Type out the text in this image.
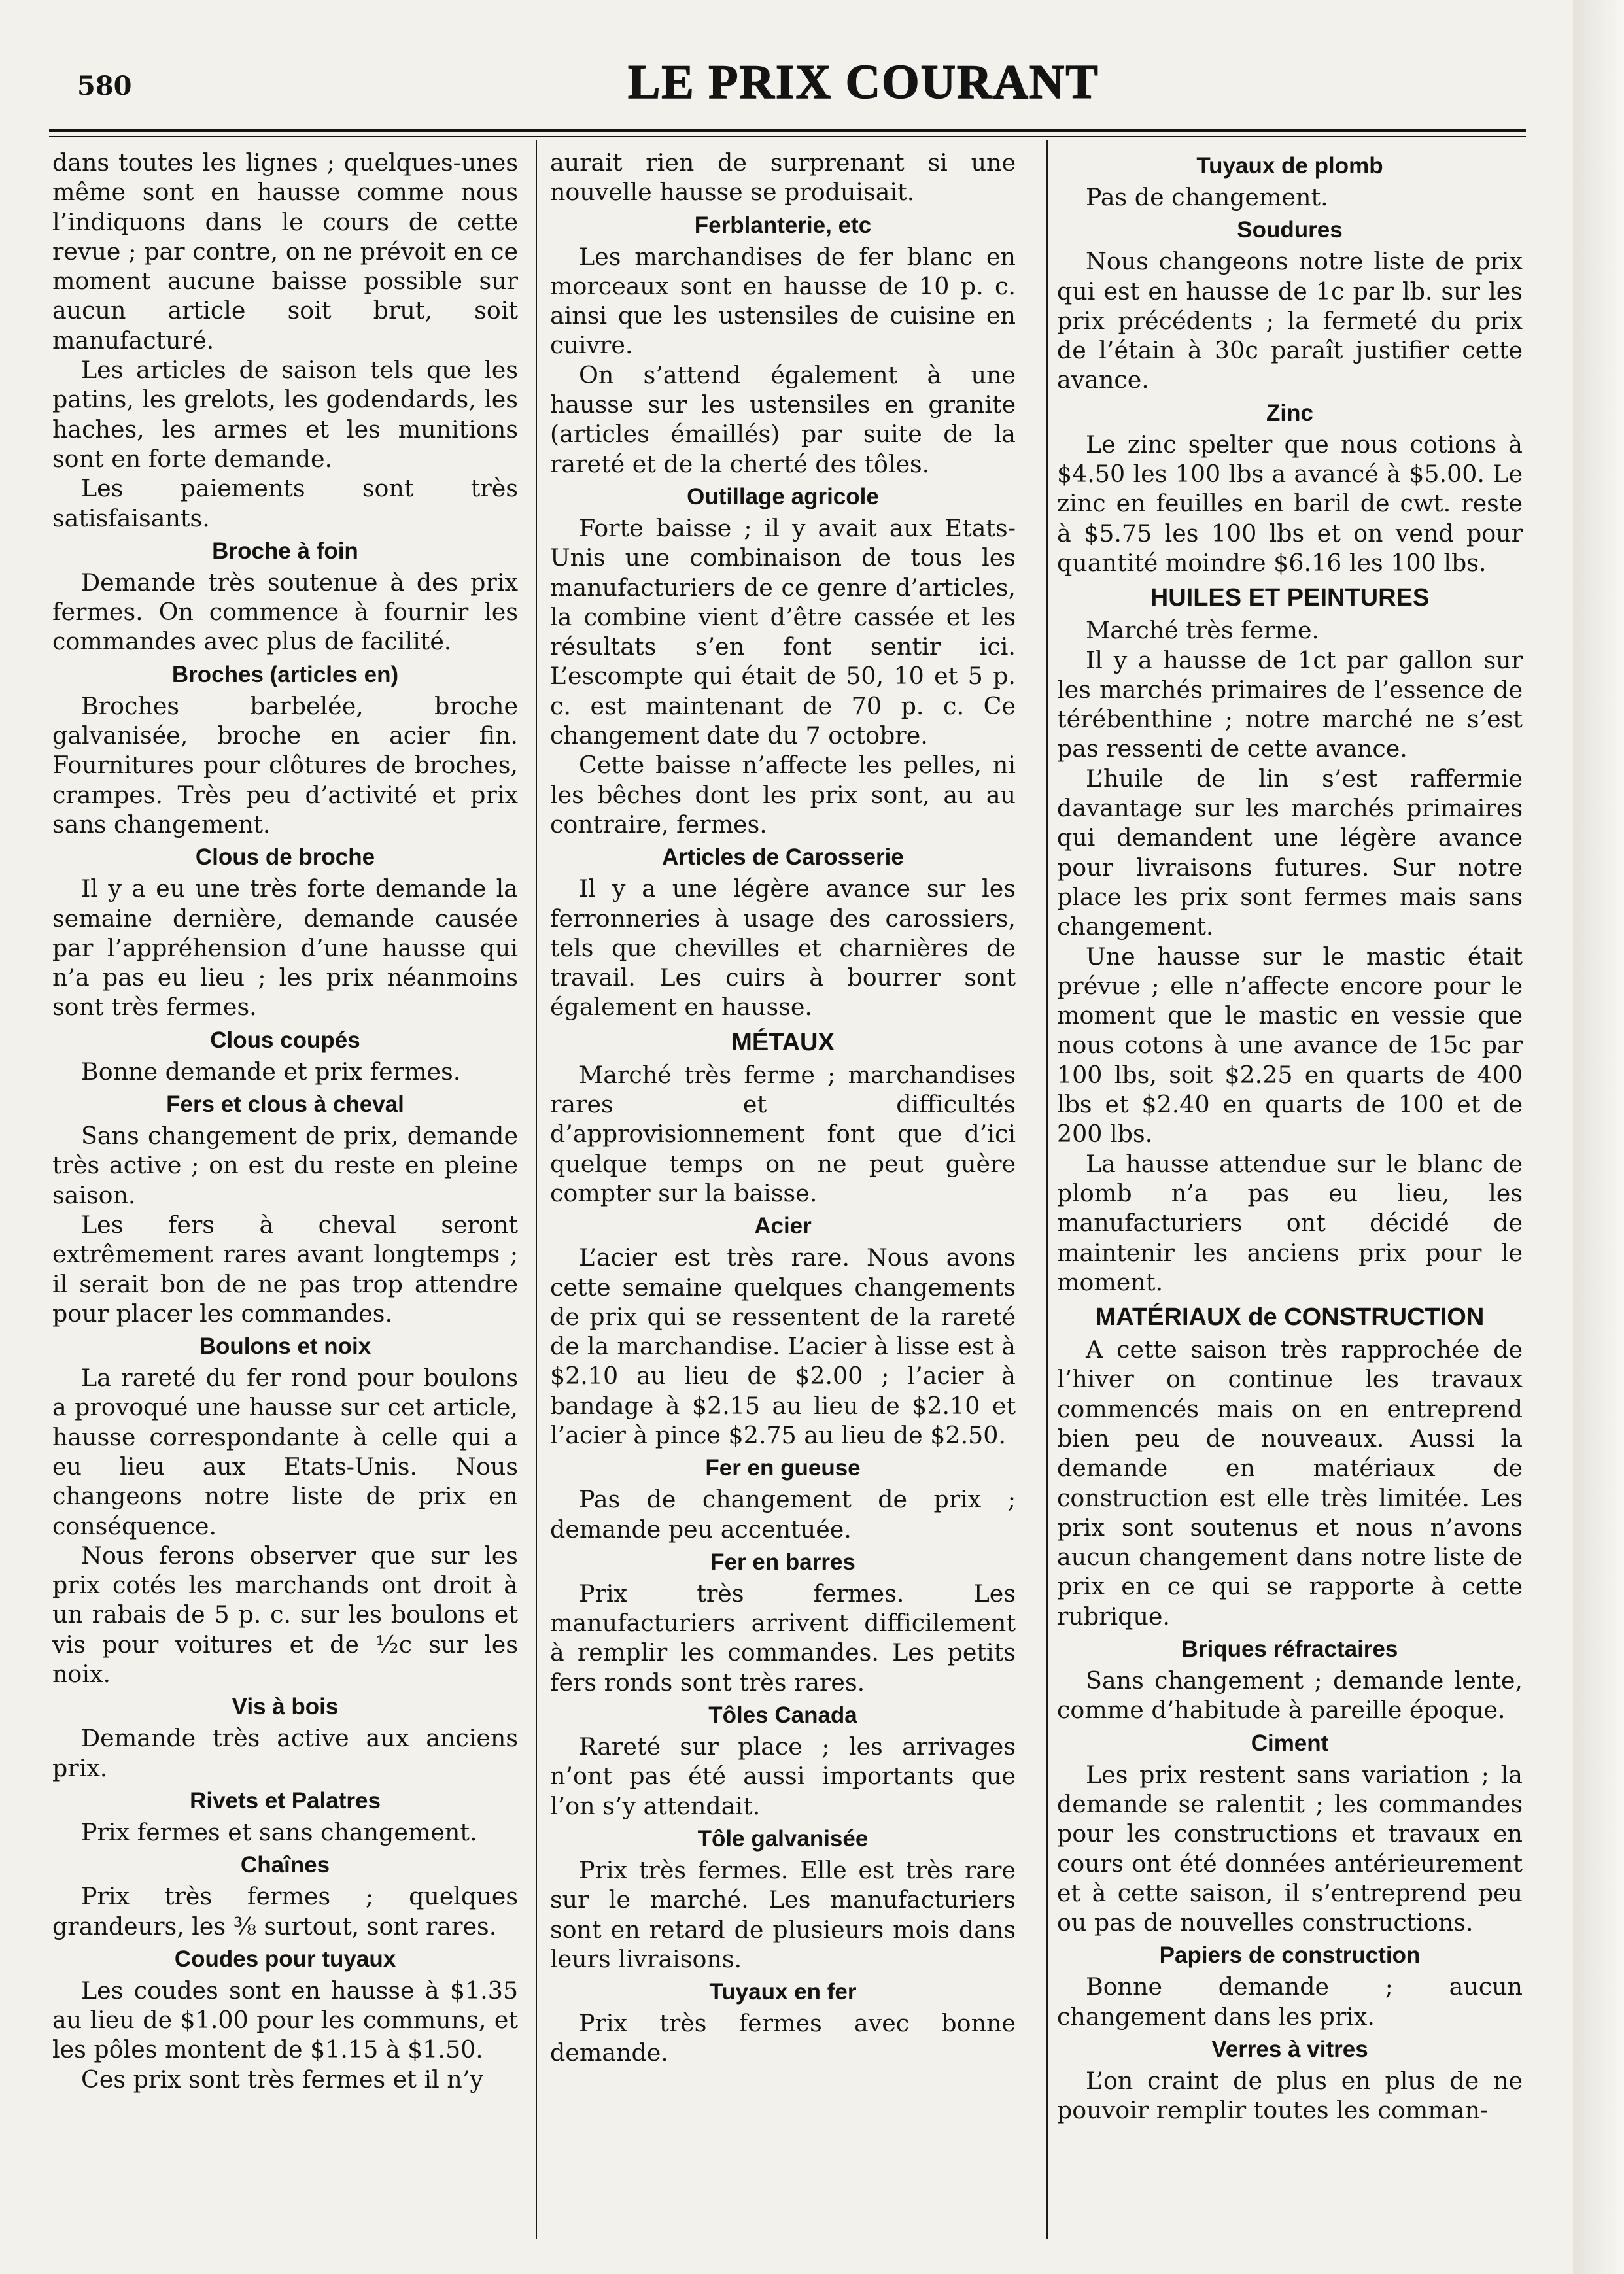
580	LE PRIX COURANT

dans toutes les lignes ; quelques-unes même sont en hausse comme nous l’indiquons dans le cours de cette revue ; par contre, on ne prévoit en ce moment aucune baisse possible sur aucun article soit brut, soit manufacturé.

Les articles de saison tels que les patins, les grelots, les godendards, les haches, les armes et les munitions sont en forte demande.

Les paiements sont très satisfaisants.

Broche à foin

Demande très soutenue à des prix fermes. On commence à fournir les commandes avec plus de facilité.

Broches (articles en)

Broches barbelée, broche galvanisée, broche en acier fin. Fournitures pour clôtures de broches, crampes. Très peu d’activité et prix sans changement.

Clous de broche

Il y a eu une très forte demande la semaine dernière, demande causée par l’appréhension d’une hausse qui n’a pas eu lieu ; les prix néanmoins sont très fermes.

Clous coupés

Bonne demande et prix fermes.

Fers et clous à cheval

Sans changement de prix, demande très active ; on est du reste en pleine saison.

Les fers à cheval seront extrêmement rares avant longtemps ; il serait bon de ne pas trop attendre pour placer les commandes.

Boulons et noix

La rareté du fer rond pour boulons a provoqué une hausse sur cet article, hausse correspondante à celle qui a eu lieu aux Etats-Unis. Nous changeons notre liste de prix en conséquence.

Nous ferons observer que sur les prix cotés les marchands ont droit à un rabais de 5 p. c. sur les boulons et vis pour voitures et de ½c sur les noix.

Vis à bois

Demande très active aux anciens prix.

Rivets et Palatres

Prix fermes et sans changement.

Chaînes

Prix très fermes ; quelques grandeurs, les ⅜ surtout, sont rares.

Coudes pour tuyaux

Les coudes sont en hausse à $1.35 au lieu de $1.00 pour les communs, et les pôles montent de $1.15 à $1.50.

Ces prix sont très fermes et il n’y

aurait rien de surprenant si une nouvelle hausse se produisait.

Ferblanterie, etc

Les marchandises de fer blanc en morceaux sont en hausse de 10 p. c. ainsi que les ustensiles de cuisine en cuivre.

On s’attend également à une hausse sur les ustensiles en granite (articles émaillés) par suite de la rareté et de la cherté des tôles.

Outillage agricole

Forte baisse ; il y avait aux Etats-Unis une combinaison de tous les manufacturiers de ce genre d’articles, la combine vient d’être cassée et les résultats s’en font sentir ici. L’escompte qui était de 50, 10 et 5 p. c. est maintenant de 70 p. c. Ce changement date du 7 octobre.

Cette baisse n’affecte les pelles, ni les bêches dont les prix sont, au au contraire, fermes.

Articles de Carosserie

Il y a une légère avance sur les ferronneries à usage des carossiers, tels que chevilles et charnières de travail. Les cuirs à bourrer sont également en hausse.

MÉTAUX

Marché très ferme ; marchandises rares et difficultés d’approvisionnement font que d’ici quelque temps on ne peut guère compter sur la baisse.

Acier

L’acier est très rare. Nous avons cette semaine quelques changements de prix qui se ressentent de la rareté de la marchandise. L’acier à lisse est à $2.10 au lieu de $2.00 ; l’acier à bandage à $2.15 au lieu de $2.10 et l’acier à pince $2.75 au lieu de $2.50.

Fer en gueuse

Pas de changement de prix ; demande peu accentuée.

Fer en barres

Prix très fermes. Les manufacturiers arrivent difficilement à remplir les commandes. Les petits fers ronds sont très rares.

Tôles Canada

Rareté sur place ; les arrivages n’ont pas été aussi importants que l’on s’y attendait.

Tôle galvanisée

Prix très fermes. Elle est très rare sur le marché. Les manufacturiers sont en retard de plusieurs mois dans leurs livraisons.

Tuyaux en fer

Prix très fermes avec bonne demande.

Tuyaux de plomb

Pas de changement.

Soudures

Nous changeons notre liste de prix qui est en hausse de 1c par lb. sur les prix précédents ; la fermeté du prix de l’étain à 30c paraît justifier cette avance.

Zinc

Le zinc spelter que nous cotions à $4.50 les 100 lbs a avancé à $5.00. Le zinc en feuilles en baril de cwt. reste à $5.75 les 100 lbs et on vend pour quantité moindre $6.16 les 100 lbs.

HUILES ET PEINTURES

Marché très ferme.

Il y a hausse de 1ct par gallon sur les marchés primaires de l’essence de térébenthine ; notre marché ne s’est pas ressenti de cette avance.

L’huile de lin s’est raffermie davantage sur les marchés primaires qui demandent une légère avance pour livraisons futures. Sur notre place les prix sont fermes mais sans changement.

Une hausse sur le mastic était prévue ; elle n’affecte encore pour le moment que le mastic en vessie que nous cotons à une avance de 15c par 100 lbs, soit $2.25 en quarts de 400 lbs et $2.40 en quarts de 100 et de 200 lbs.

La hausse attendue sur le blanc de plomb n’a pas eu lieu, les manufacturiers ont décidé de maintenir les anciens prix pour le moment.

MATÉRIAUX de CONSTRUCTION

A cette saison très rapprochée de l’hiver on continue les travaux commencés mais on en entreprend bien peu de nouveaux. Aussi la demande en matériaux de construction est elle très limitée. Les prix sont soutenus et nous n’avons aucun changement dans notre liste de prix en ce qui se rapporte à cette rubrique.

Briques réfractaires

Sans changement ; demande lente, comme d’habitude à pareille époque.

Ciment

Les prix restent sans variation ; la demande se ralentit ; les commandes pour les constructions et travaux en cours ont été données antérieurement et à cette saison, il s’entreprend peu ou pas de nouvelles constructions.

Papiers de construction

Bonne demande ; aucun changement dans les prix.

Verres à vitres

L’on craint de plus en plus de ne pouvoir remplir toutes les comman-
